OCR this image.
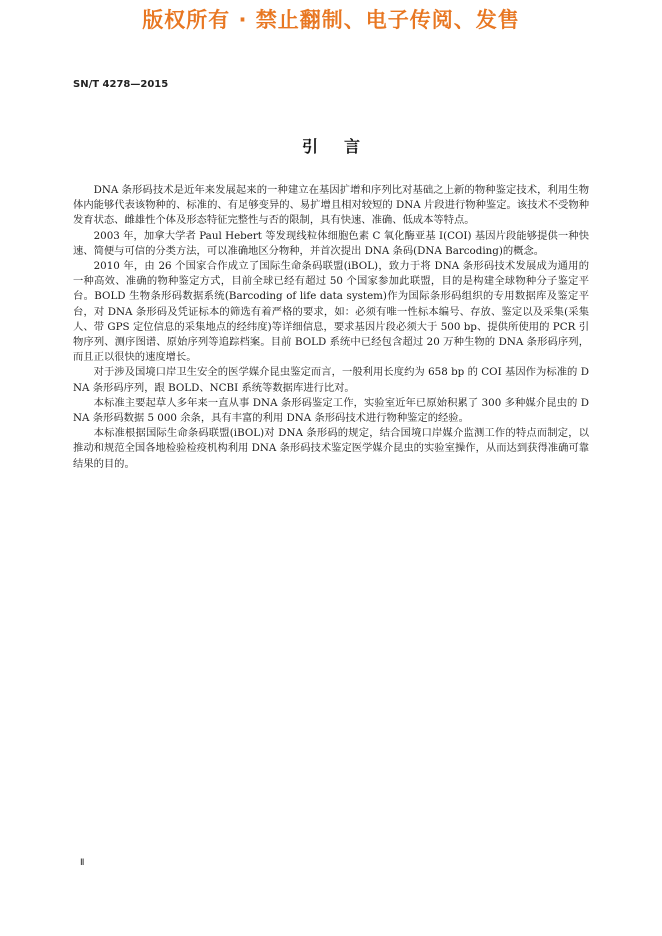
版权所有 · 禁止翻制、电子传阅、发售
SN/T 4278—2015
引言

DNA 条形码技术是近年来发展起来的一种建立在基因扩增和序列比对基础之上新的物种鉴定技术，利用生物体内能够代表该物种的、标准的、有足够变异的、易扩增且相对较短的 DNA 片段进行物种鉴定。该技术不受物种发育状态、雌雄性个体及形态特征完整性与否的限制，具有快速、准确、低成本等特点。

2003 年，加拿大学者 Paul Hebert 等发现线粒体细胞色素 C 氧化酶亚基 I(COI) 基因片段能够提供一种快速、简便与可信的分类方法，可以准确地区分物种，并首次提出 DNA 条码(DNA Barcoding)的概念。

2010 年，由 26 个国家合作成立了国际生命条码联盟(iBOL)，致力于将 DNA 条形码技术发展成为通用的一种高效、准确的物种鉴定方式，目前全球已经有超过 50 个国家参加此联盟，目的是构建全球物种分子鉴定平台。BOLD 生物条形码数据系统(Barcoding of life data system)作为国际条形码组织的专用数据库及鉴定平台，对 DNA 条形码及凭证标本的筛选有着严格的要求，如：必须有唯一性标本编号、存放、鉴定以及采集(采集人、带 GPS 定位信息的采集地点的经纬度)等详细信息，要求基因片段必须大于 500 bp、提供所使用的 PCR 引物序列、测序图谱、原始序列等追踪档案。目前 BOLD 系统中已经包含超过 20 万种生物的 DNA 条形码序列，而且正以很快的速度增长。

对于涉及国境口岸卫生安全的医学媒介昆虫鉴定而言，一般利用长度约为 658 bp 的 COI 基因作为标准的 DNA 条形码序列，跟 BOLD、NCBI 系统等数据库进行比对。

本标准主要起草人多年来一直从事 DNA 条形码鉴定工作，实验室近年已原始积累了 300 多种媒介昆虫的 DNA 条形码数据 5 000 余条，具有丰富的利用 DNA 条形码技术进行物种鉴定的经验。

本标准根据国际生命条码联盟(iBOL)对 DNA 条形码的规定，结合国境口岸媒介监测工作的特点而制定，以推动和规范全国各地检验检疫机构利用 DNA 条形码技术鉴定医学媒介昆虫的实验室操作，从而达到获得准确可靠结果的目的。

Ⅱ
